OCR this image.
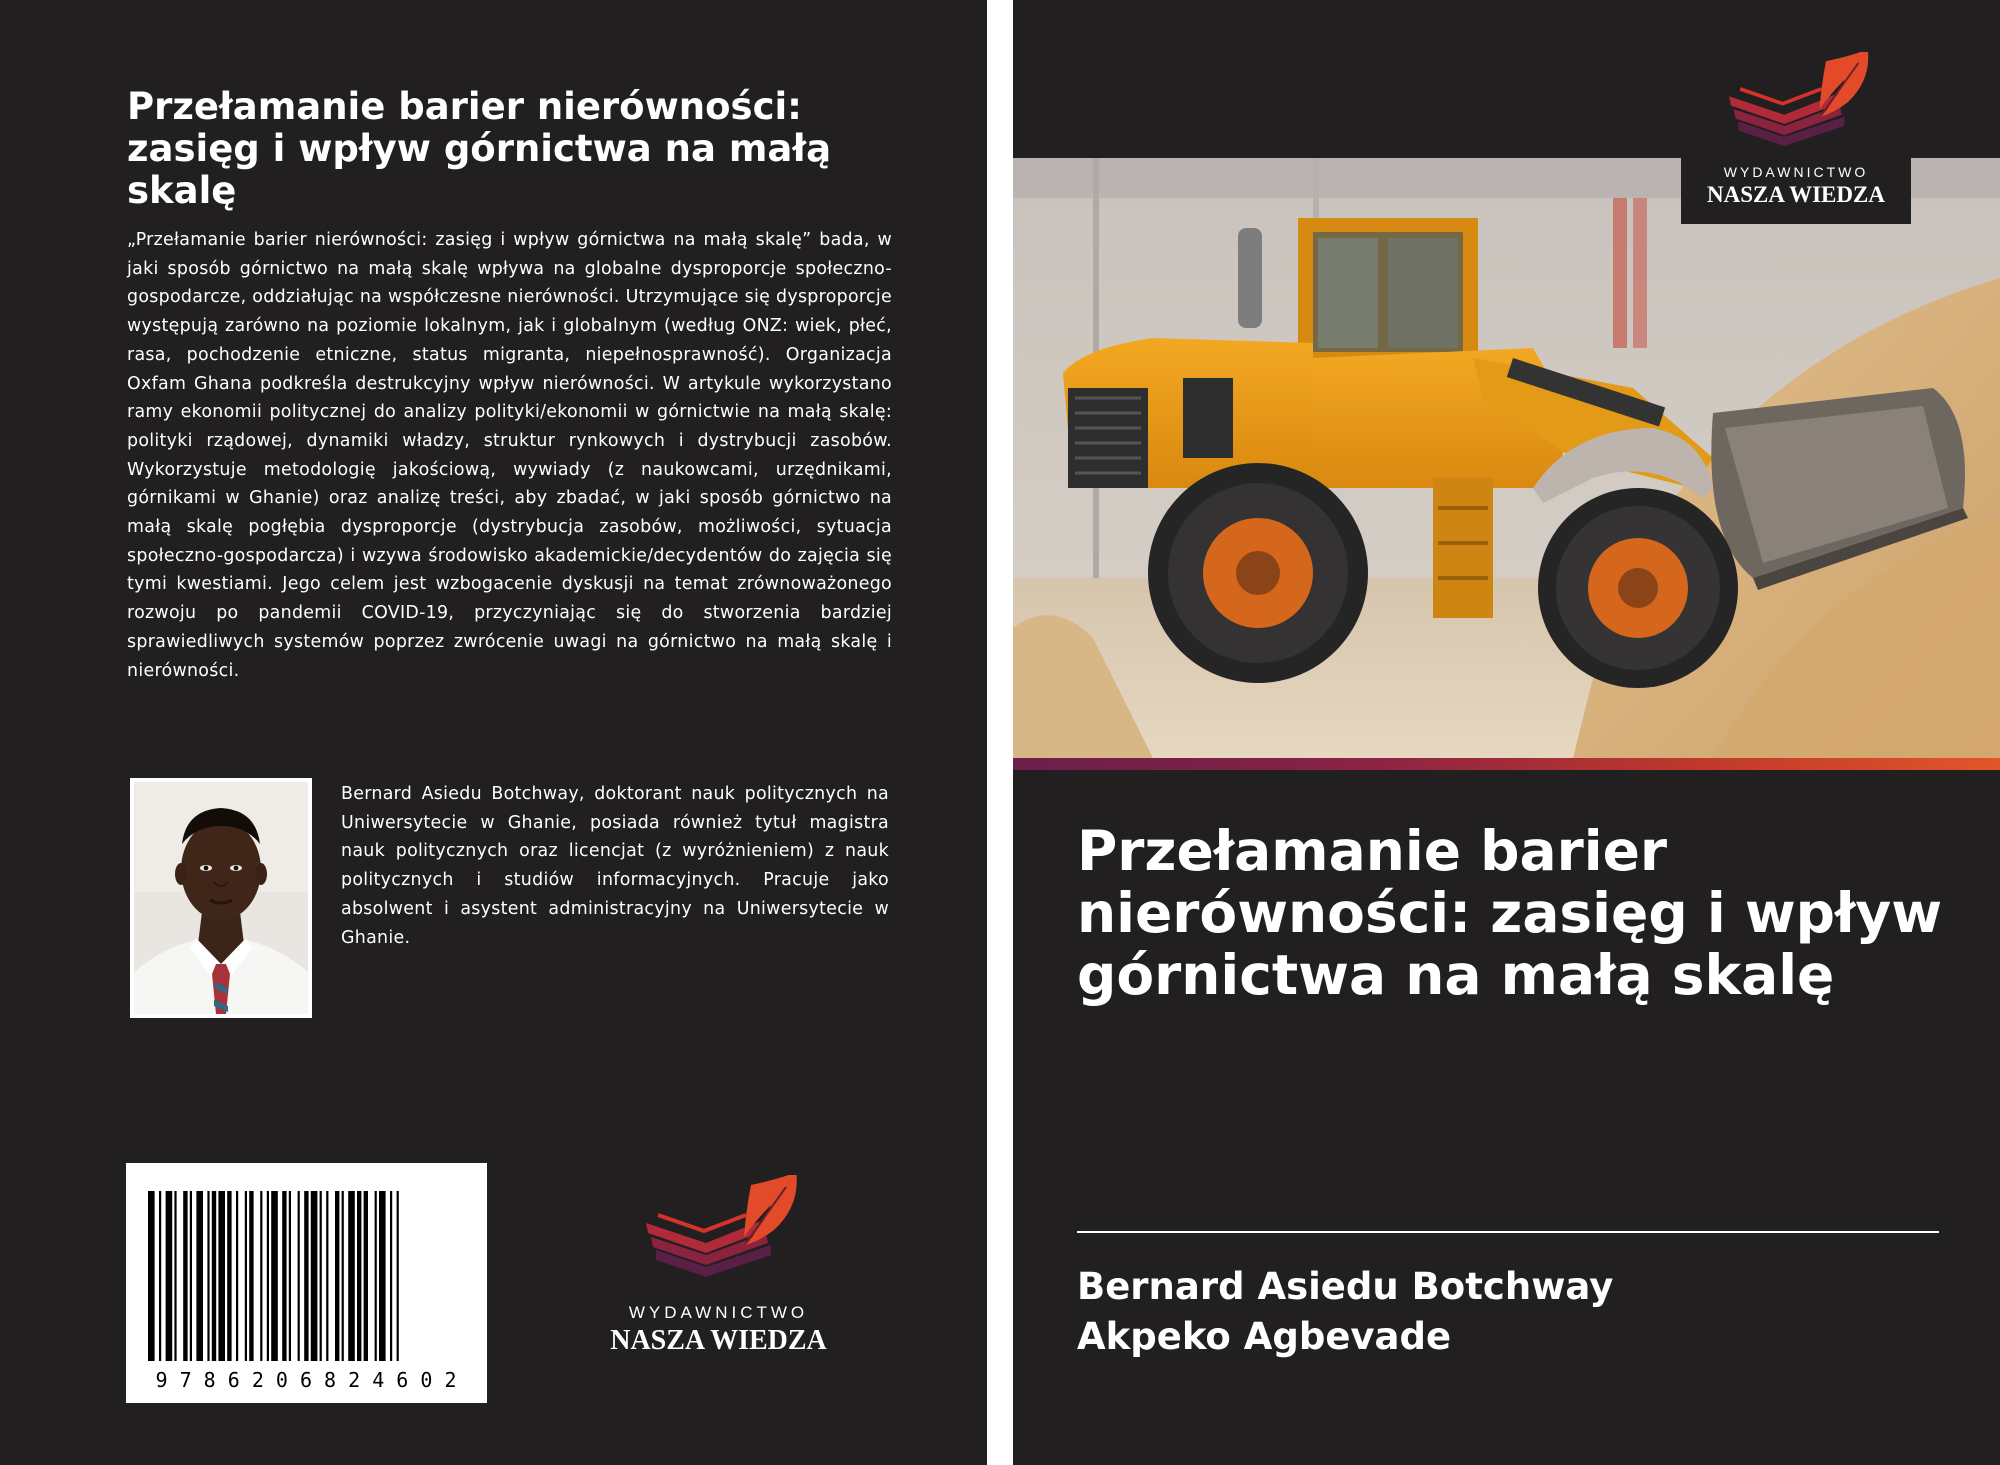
Przełamanie barier nierówności: zasięg i wpływ górnictwa na małą skalę

„Przełamanie barier nierówności: zasięg i wpływ górnictwa na małą skalę” bada, w jaki sposób górnictwo na małą skalę wpływa na globalne dysproporcje społeczno-gospodarcze, oddziałując na współczesne nierówności. Utrzymujące się dysproporcje występują zarówno na poziomie lokalnym, jak i globalnym (według ONZ: wiek, płeć, rasa, pochodzenie etniczne, status migranta, niepełnosprawność). Organizacja Oxfam Ghana podkreśla destrukcyjny wpływ nierówności. W artykule wykorzystano ramy ekonomii politycznej do analizy polityki/ekonomii w górnictwie na małą skalę: polityki rządowej, dynamiki władzy, struktur rynkowych i dystrybucji zasobów. Wykorzystuje metodologię jakościową, wywiady (z naukowcami, urzędnikami, górnikami w Ghanie) oraz analizę treści, aby zbadać, w jaki sposób górnictwo na małą skalę pogłębia dysproporcje (dystrybucja zasobów, możliwości, sytuacja społeczno-gospodarcza) i wzywa środowisko akademickie/decydentów do zajęcia się tymi kwestiami. Jego celem jest wzbogacenie dyskusji na temat zrównoważonego rozwoju po pandemii COVID-19, przyczyniając się do stworzenia bardziej sprawiedliwych systemów poprzez zwrócenie uwagi na górnictwo na małą skalę i nierówności.

Bernard Asiedu Botchway, doktorant nauk politycznych na Uniwersytecie w Ghanie, posiada również tytuł magistra nauk politycznych oraz licencjat (z wyróżnieniem) z nauk politycznych i studiów informacyjnych. Pracuje jako absolwent i asystent administracyjny na Uniwersytecie w Ghanie.

9 7 8 6 2 0 6 8 2 4 6 0 2
WYDAWNICTWO
NASZA WIEDZA
WYDAWNICTWO
NASZA WIEDZA
Przełamanie barier nierówności: zasięg i wpływ górnictwa na małą skalę
Bernard Asiedu Botchway
Akpeko Agbevade
